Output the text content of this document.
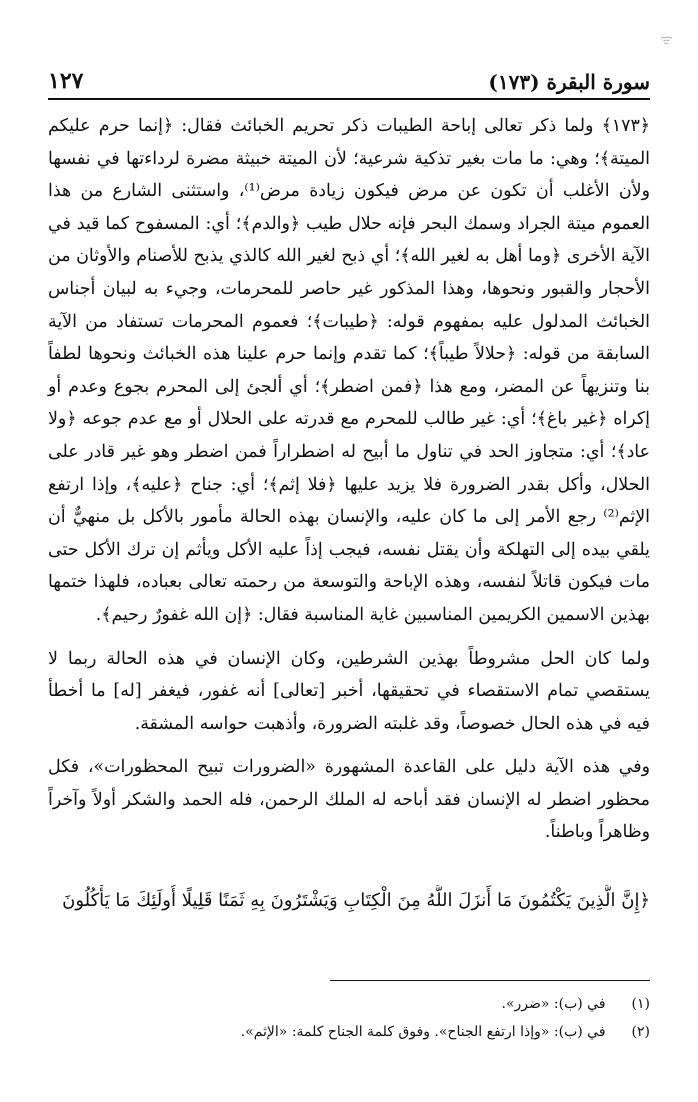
ᯤ
سورة البقرة (١٧٣)
١٢٧

﴿١٧٣﴾ ولما ذكر تعالى إباحة الطيبات ذكر تحريم الخبائث فقال: ﴿إنما حرم عليكم الميتة﴾؛ وهي: ما مات بغير تذكية شرعية؛ لأن الميتة خبيثة مضرة لرداءتها في نفسها ولأن الأغلب أن تكون عن مرض فيكون زيادة مرض⁽¹⁾، واستثنى الشارع من هذا العموم ميتة الجراد وسمك البحر فإنه حلال طيب ﴿والدم﴾؛ أي: المسفوح كما قيد في الآية الأخرى ﴿وما أهل به لغير الله﴾؛ أي ذبح لغير الله كالذي يذبح للأصنام والأوثان من الأحجار والقبور ونحوها، وهذا المذكور غير حاصر للمحرمات، وجيء به لبيان أجناس الخبائث المدلول عليه بمفهوم قوله: ﴿طيبات﴾؛ فعموم المحرمات تستفاد من الآية السابقة من قوله: ﴿حلالاً طيباً﴾؛ كما تقدم وإنما حرم علينا هذه الخبائث ونحوها لطفاً بنا وتنزيهاً عن المضر، ومع هذا ﴿فمن اضطر﴾؛ أي ألجئ إلى المحرم بجوع وعدم أو إكراه ﴿غير باغ﴾؛ أي: غير طالب للمحرم مع قدرته على الحلال أو مع عدم جوعه ﴿ولا عاد﴾؛ أي: متجاوز الحد في تناول ما أبيح له اضطراراً فمن اضطر وهو غير قادر على الحلال، وأكل بقدر الضرورة فلا يزيد عليها ﴿فلا إثم﴾؛ أي: جناح ﴿عليه﴾، وإذا ارتفع الإثم⁽²⁾ رجع الأمر إلى ما كان عليه، والإنسان بهذه الحالة مأمور بالأكل بل منهيٌّ أن يلقي بيده إلى التهلكة وأن يقتل نفسه، فيجب إذاً عليه الأكل ويأثم إن ترك الأكل حتى مات فيكون قاتلاً لنفسه، وهذه الإباحة والتوسعة من رحمته تعالى بعباده، فلهذا ختمها بهذين الاسمين الكريمين المناسبين غاية المناسبة فقال: ﴿إن الله غفورٌ رحيم﴾.

ولما كان الحل مشروطاً بهذين الشرطين، وكان الإنسان في هذه الحالة ربما لا يستقصي تمام الاستقصاء في تحقيقها، أخبر [تعالى] أنه غفور، فيغفر [له] ما أخطأ فيه في هذه الحال خصوصاً، وقد غلبته الضرورة، وأذهبت حواسه المشقة.

وفي هذه الآية دليل على القاعدة المشهورة «الضرورات تبيح المحظورات»، فكل محظور اضطر له الإنسان فقد أباحه له الملك الرحمن، فله الحمد والشكر أولاً وآخراً وظاهراً وباطناً.

﴿إِنَّ الَّذِينَ يَكْتُمُونَ مَا أَنزَلَ اللَّهُ مِنَ الْكِتَابِ وَيَشْتَرُونَ بِهِ ثَمَنًا قَلِيلًا أُولَئِكَ مَا يَأْكُلُونَ
(١) في (ب): «ضرر».
(٢) في (ب): «وإذا ارتفع الجناح». وفوق كلمة الجناح كلمة: «الإثم».
